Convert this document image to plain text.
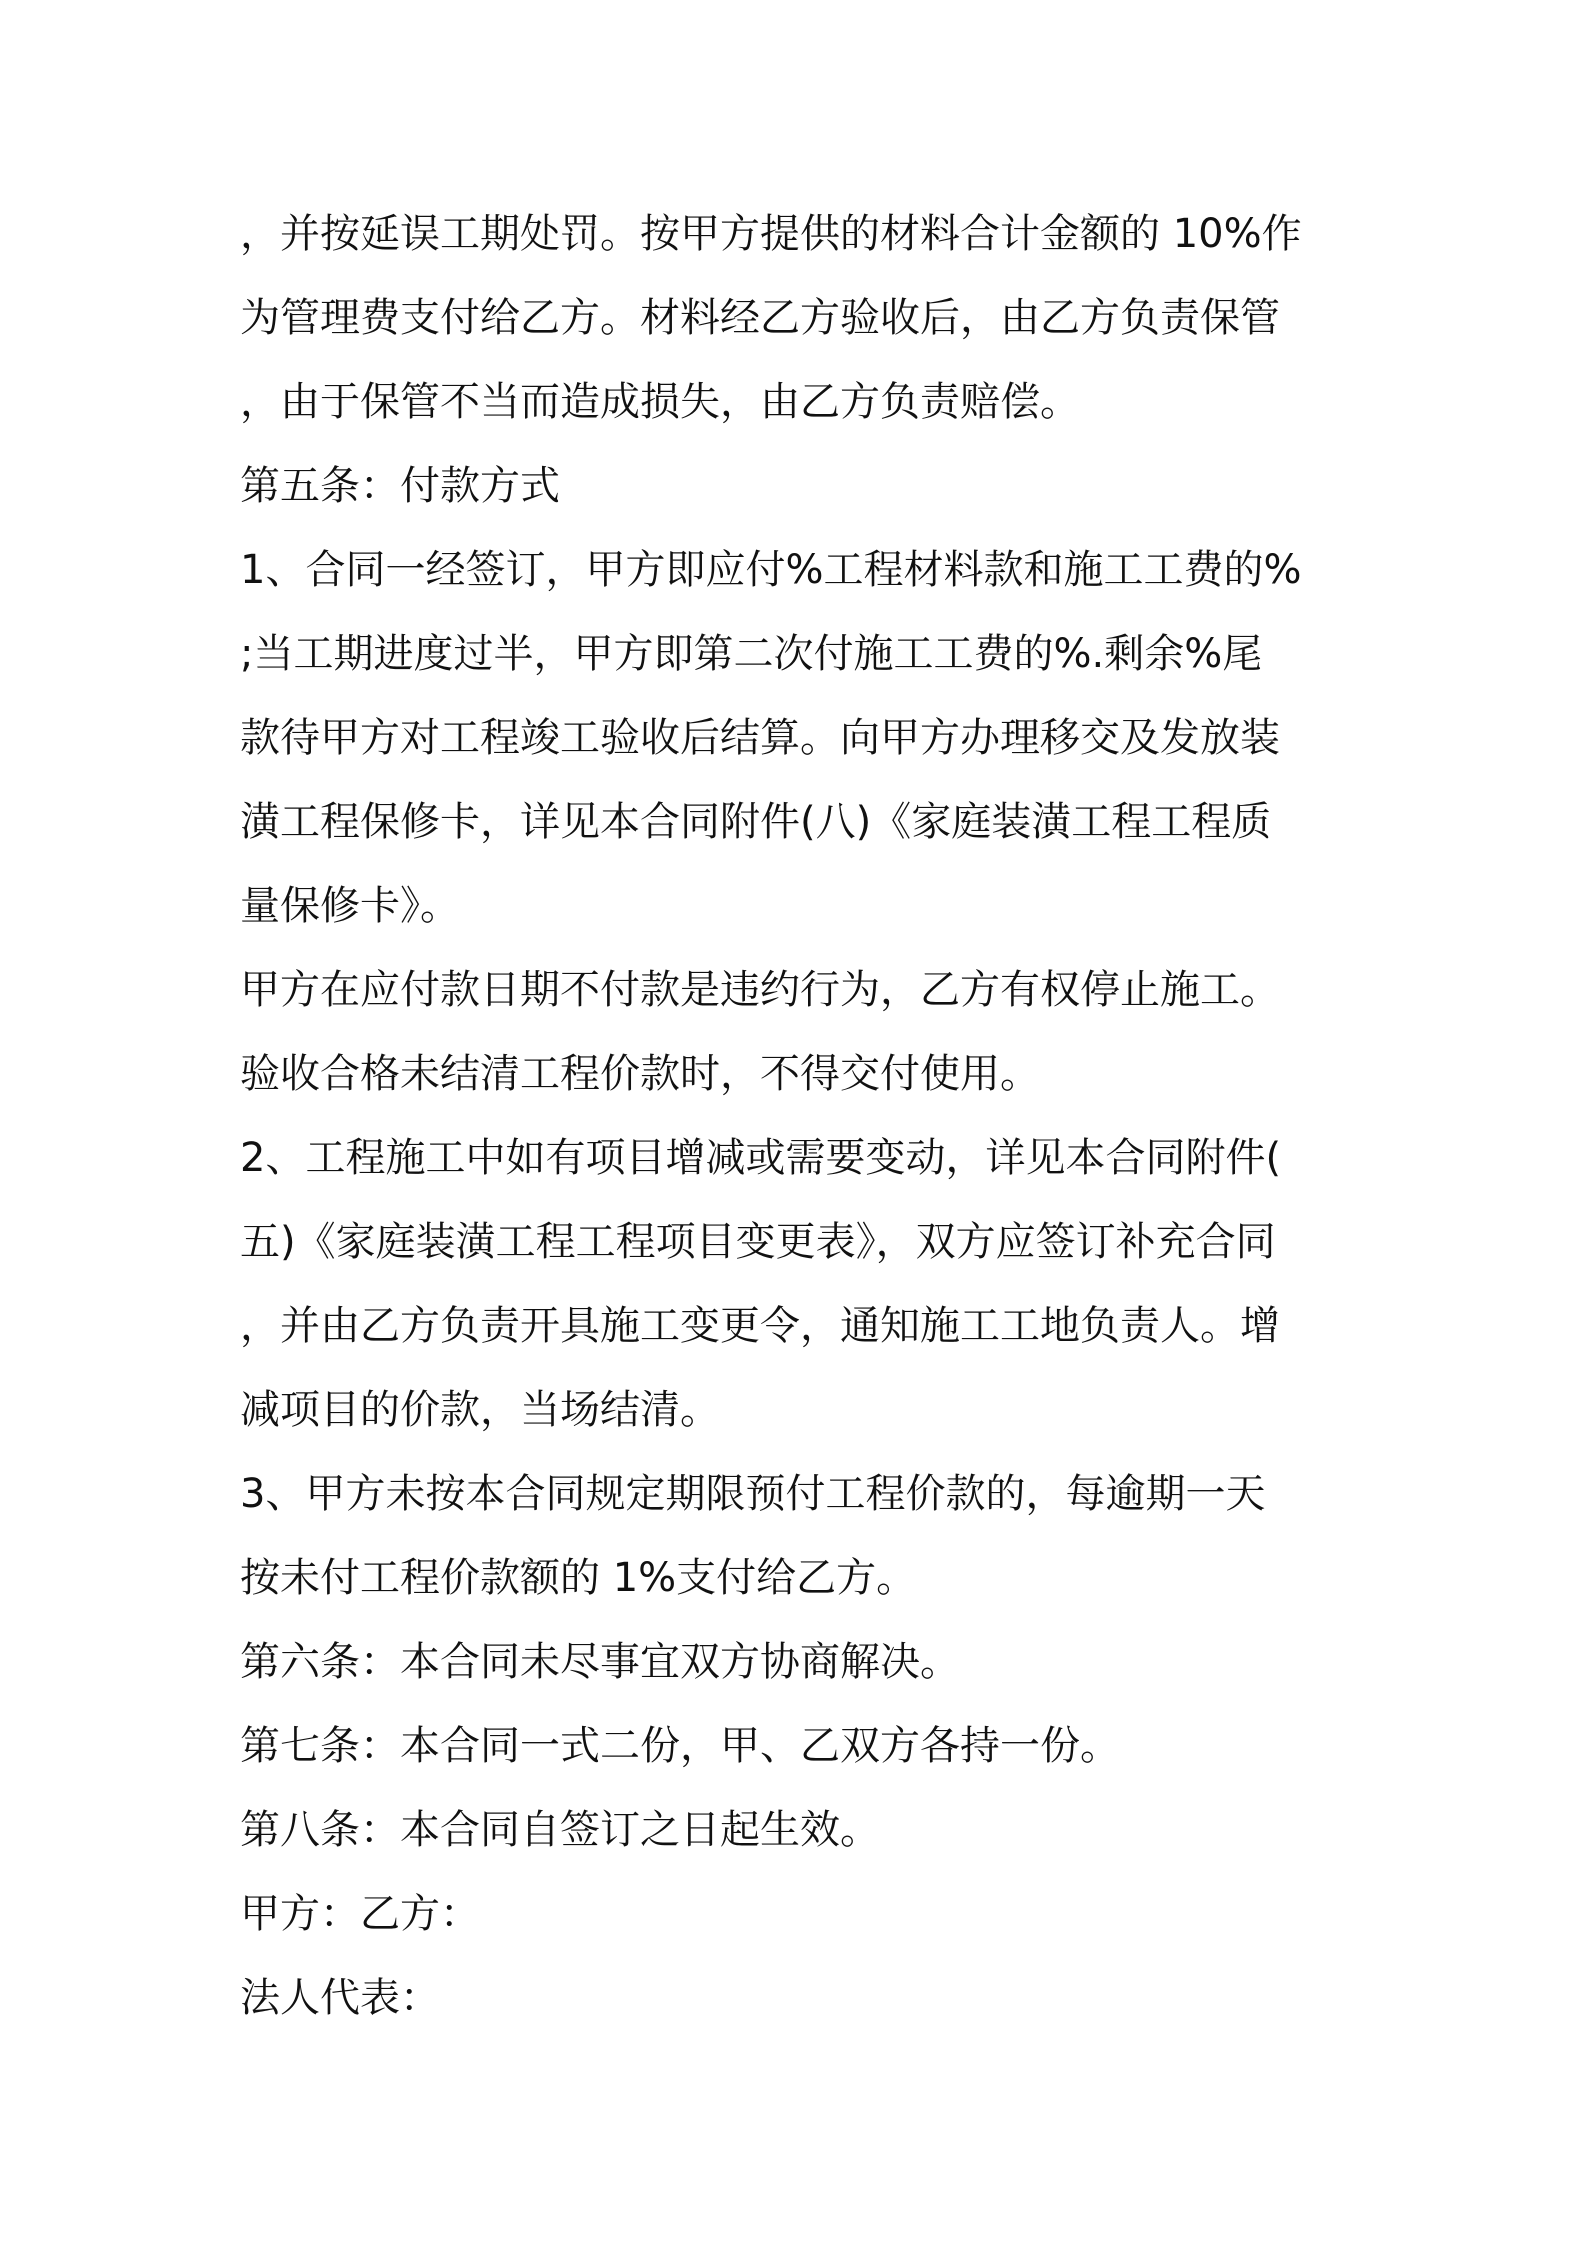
，并按延误工期处罚。按甲方提供的材料合计金额的 10%作
为管理费支付给乙方。材料经乙方验收后，由乙方负责保管
，由于保管不当而造成损失，由乙方负责赔偿。
第五条：付款方式
1、合同一经签订，甲方即应付%工程材料款和施工工费的%
;当工期进度过半，甲方即第二次付施工工费的%.剩余%尾
款待甲方对工程竣工验收后结算。向甲方办理移交及发放装
潢工程保修卡，详见本合同附件(八)《家庭装潢工程工程质
量保修卡》。
甲方在应付款日期不付款是违约行为，乙方有权停止施工。
验收合格未结清工程价款时，不得交付使用。
2、工程施工中如有项目增减或需要变动，详见本合同附件(
五)《家庭装潢工程工程项目变更表》，双方应签订补充合同
，并由乙方负责开具施工变更令，通知施工工地负责人。增
减项目的价款，当场结清。
3、甲方未按本合同规定期限预付工程价款的，每逾期一天
按未付工程价款额的 1%支付给乙方。
第六条：本合同未尽事宜双方协商解决。
第七条：本合同一式二份，甲、乙双方各持一份。
第八条：本合同自签订之日起生效。
甲方：乙方：
法人代表：
